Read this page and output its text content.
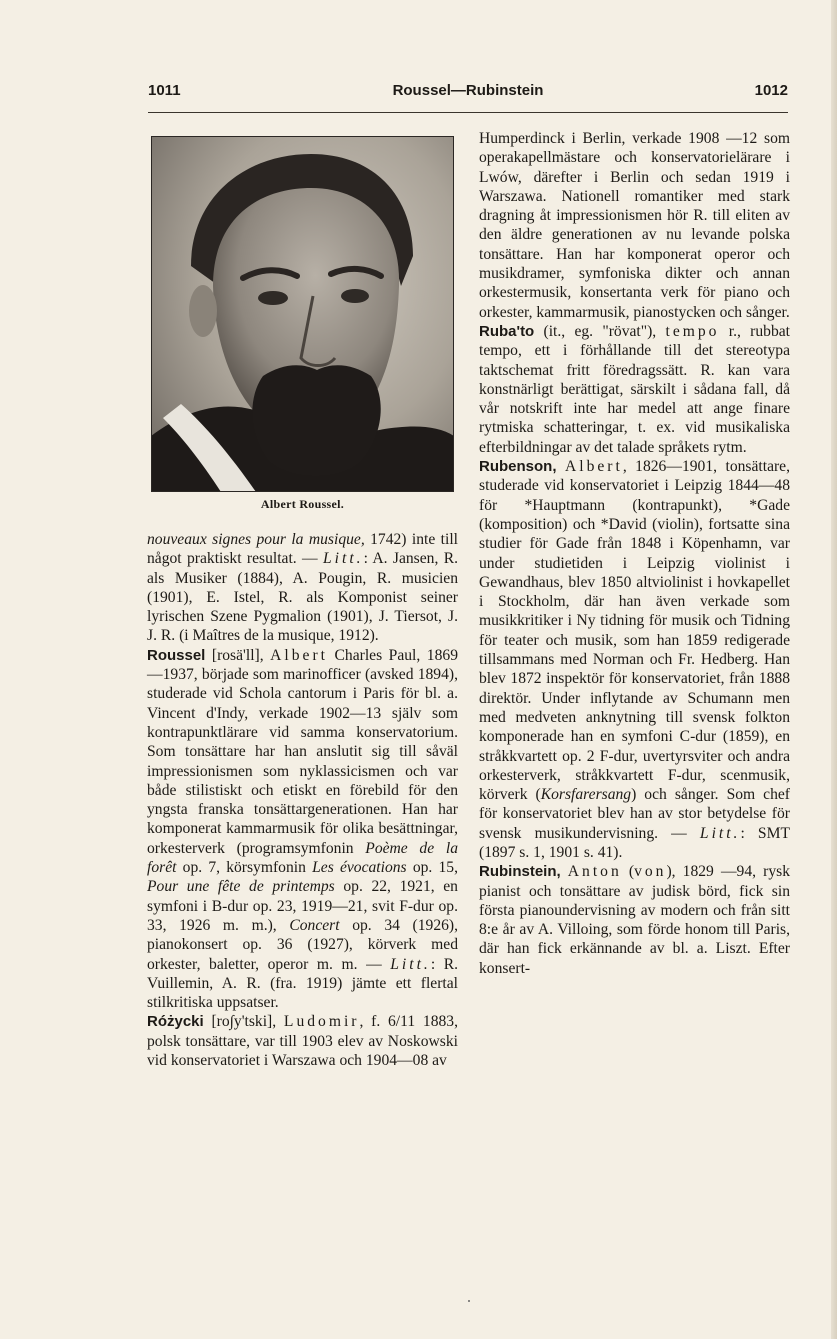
1011	Roussel—Rubinstein	1012
Albert Roussel.

nouveaux signes pour la musique, 1742) inte till något praktiskt resultat. — Litt.: A. Jansen, R. als Musiker (1884), A. Pougin, R. musicien (1901), E. Istel, R. als Komponist seiner lyrischen Szene Pygmalion (1901), J. Tiersot, J. J. R. (i Maîtres de la musique, 1912).

Roussel [rosä'll], Albert Charles Paul, 1869—1937, började som marinofficer (avsked 1894), studerade vid Schola cantorum i Paris för bl. a. Vincent d'Indy, verkade 1902—13 själv som kontrapunktlärare vid samma konservatorium. Som tonsättare har han anslutit sig till såväl impressionismen som nyklassicismen och var både stilistiskt och etiskt en förebild för den yngsta franska tonsättargenerationen. Han har komponerat kammarmusik för olika besättningar, orkesterverk (programsymfonin Poème de la forêt op. 7, körsymfonin Les évocations op. 15, Pour une fête de printemps op. 22, 1921, en symfoni i B-dur op. 23, 1919—21, svit F-dur op. 33, 1926 m. m.), Concert op. 34 (1926), pianokonsert op. 36 (1927), körverk med orkester, baletter, operor m. m. — Litt.: R. Vuillemin, A. R. (fra. 1919) jämte ett flertal stilkritiska uppsatser.

Różycki [ro∫y'tski], Ludomir, f. 6/11 1883, polsk tonsättare, var till 1903 elev av Noskowski vid konservatoriet i Warszawa och 1904—08 av

Humperdinck i Berlin, verkade 1908 —12 som operakapellmästare och konservatorielärare i Lwów, därefter i Berlin och sedan 1919 i Warszawa. Nationell romantiker med stark dragning åt impressionismen hör R. till eliten av den äldre generationen av nu levande polska tonsättare. Han har komponerat operor och musikdramer, symfoniska dikter och annan orkestermusik, konsertanta verk för piano och orkester, kammarmusik, pianostycken och sånger.

Ruba'to (it., eg. "rövat"), tempo r., rubbat tempo, ett i förhållande till det stereotypa taktschemat fritt föredragssätt. R. kan vara konstnärligt berättigat, särskilt i sådana fall, då vår notskrift inte har medel att ange finare rytmiska schatteringar, t. ex. vid musikaliska efterbildningar av det talade språkets rytm.

Rubenson, Albert, 1826—1901, tonsättare, studerade vid konservatoriet i Leipzig 1844—48 för *Hauptmann (kontrapunkt), *Gade (komposition) och *David (violin), fortsatte sina studier för Gade från 1848 i Köpenhamn, var under studietiden i Leipzig violinist i Gewandhaus, blev 1850 altviolinist i hovkapellet i Stockholm, där han även verkade som musikkritiker i Ny tidning för musik och Tidning för teater och musik, som han 1859 redigerade tillsammans med Norman och Fr. Hedberg. Han blev 1872 inspektör för konservatoriet, från 1888 direktör. Under inflytande av Schumann men med medveten anknytning till svensk folkton komponerade han en symfoni C-dur (1859), en stråkkvartett op. 2 F-dur, uvertyrsviter och andra orkesterverk, stråkkvartett F-dur, scenmusik, körverk (Korsfarersang) och sånger. Som chef för konservatoriet blev han av stor betydelse för svensk musikundervisning. — Litt.: SMT (1897 s. 1, 1901 s. 41).

Rubinstein, Anton (von), 1829 —94, rysk pianist och tonsättare av judisk börd, fick sin första pianoundervisning av modern och från sitt 8:e år av A. Villoing, som förde honom till Paris, där han fick erkännande av bl. a. Liszt. Efter konsert-
